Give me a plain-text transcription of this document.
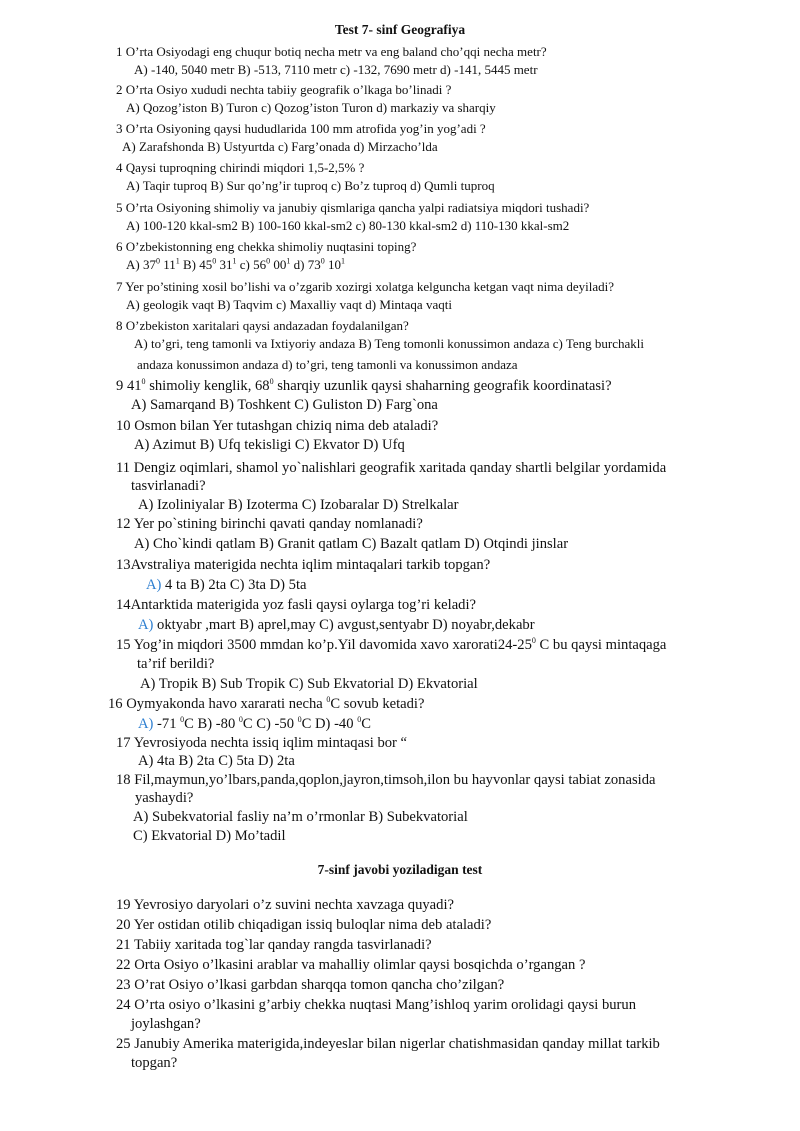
Test 7- sinf Geografiya
1 O’rta Osiyodagi eng chuqur botiq necha metr va eng baland cho’qqi necha metr?
A) -140, 5040 metr B) -513, 7110 metr c) -132, 7690 metr d) -141, 5445 metr
2 O’rta Osiyo xududi nechta tabiiy geografik o’lkaga bo’linadi ?
A) Qozog’iston B) Turon c) Qozog’iston Turon d) markaziy va sharqiy
3 O’rta Osiyoning qaysi hududlarida 100 mm atrofida yog’in yog’adi ?
A) Zarafshonda B) Ustyurtda c) Farg’onada d) Mirzacho’lda
4 Qaysi tuproqning chirindi miqdori 1,5-2,5% ?
A) Taqir tuproq B) Sur qo’ng’ir tuproq c) Bo’z tuproq d) Qumli tuproq
5 O’rta Osiyoning shimoliy va janubiy qismlariga qancha yalpi radiatsiya miqdori tushadi?
A) 100-120 kkal-sm2 B) 100-160 kkal-sm2 c) 80-130 kkal-sm2 d) 110-130 kkal-sm2
6 O’zbekistonning eng chekka shimoliy nuqtasini toping?
A) $37^0$ $11^1$ B) $45^0$ $31^1$ c) $56^0$ $00^1$ d) $73^0$ $10^1$
7 Yer po’stining xosil bo’lishi va o’zgarib xozirgi xolatga kelguncha ketgan vaqt nima deyiladi?
A) geologik vaqt B) Taqvim c) Maxalliy vaqt d) Mintaqa vaqti
8 O’zbekiston xaritalari qaysi andazadan foydalanilgan?
A) to’gri, teng tamonli va Ixtiyoriy andaza B) Teng tomonli konussimon andaza c) Teng burchakli
andaza konussimon andaza d) to’gri, teng tamonli va konussimon andaza
9 $41^0$ shimoliy kenglik, $68^0$ sharqiy uzunlik qaysi shaharning geografik koordinatasi?
A) Samarqand B) Toshkent C) Guliston D) Farg`ona
10 Osmon bilan Yer tutashgan chiziq nima deb ataladi?
A) Azimut B) Ufq tekisligi C) Ekvator D) Ufq
11 Dengiz oqimlari, shamol yo`nalishlari geografik xaritada qanday shartli belgilar yordamida
tasvirlanadi?
A) Izoliniyalar B) Izoterma C) Izobaralar D) Strelkalar
12 Yer po`stining birinchi qavati qanday nomlanadi?
A) Cho`kindi qatlam B) Granit qatlam C) Bazalt qatlam D) Otqindi jinslar
13Avstraliya materigida nechta iqlim mintaqalari tarkib topgan?
A) 4 ta B) 2ta C) 3ta D) 5ta
14Antarktida materigida yoz fasli qaysi oylarga tog’ri keladi?
A) oktyabr ,mart B) aprel,may C) avgust,sentyabr D) noyabr,dekabr
15 Yog’in miqdori 3500 mmdan ko’p.Yil davomida xavo $xarorati24-25^0$ C bu qaysi mintaqaga
ta’rif berildi?
A) Tropik B) Sub Tropik C) Sub Ekvatorial D) Ekvatorial
16 Oymyakonda havo xararati necha $^0$C sovub ketadi?
A) -71 $^0$C B) -80 $^0$C C) -50 $^0$C D) -40 $^0$C
17 Yevrosiyoda nechta issiq iqlim mintaqasi bor “
A) 4ta B) 2ta C) 5ta D) 2ta
18 Fil,maymun,yo’lbars,panda,qoplon,jayron,timsoh,ilon bu hayvonlar qaysi tabiat zonasida
yashaydi?
A) Subekvatorial fasliy na’m o’rmonlar B) Subekvatorial
C) Ekvatorial D) Mo’tadil
7-sinf javobi yoziladigan test
19 Yevrosiyo daryolari o’z suvini nechta xavzaga quyadi?
20 Yer ostidan otilib chiqadigan issiq buloqlar nima deb ataladi?
21 Tabiiy xaritada tog`lar qanday rangda tasvirlanadi?
22 Orta Osiyo o’lkasini arablar va mahalliy olimlar qaysi bosqichda o’rgangan ?
23 O’rat Osiyo o’lkasi garbdan sharqqa tomon qancha cho’zilgan?
24 O’rta osiyo o’lkasini g’arbiy chekka nuqtasi Mang’ishloq yarim orolidagi qaysi burun
joylashgan?
25 Janubiy Amerika materigida,indeyeslar bilan nigerlar chatishmasidan qanday millat tarkib
topgan?
